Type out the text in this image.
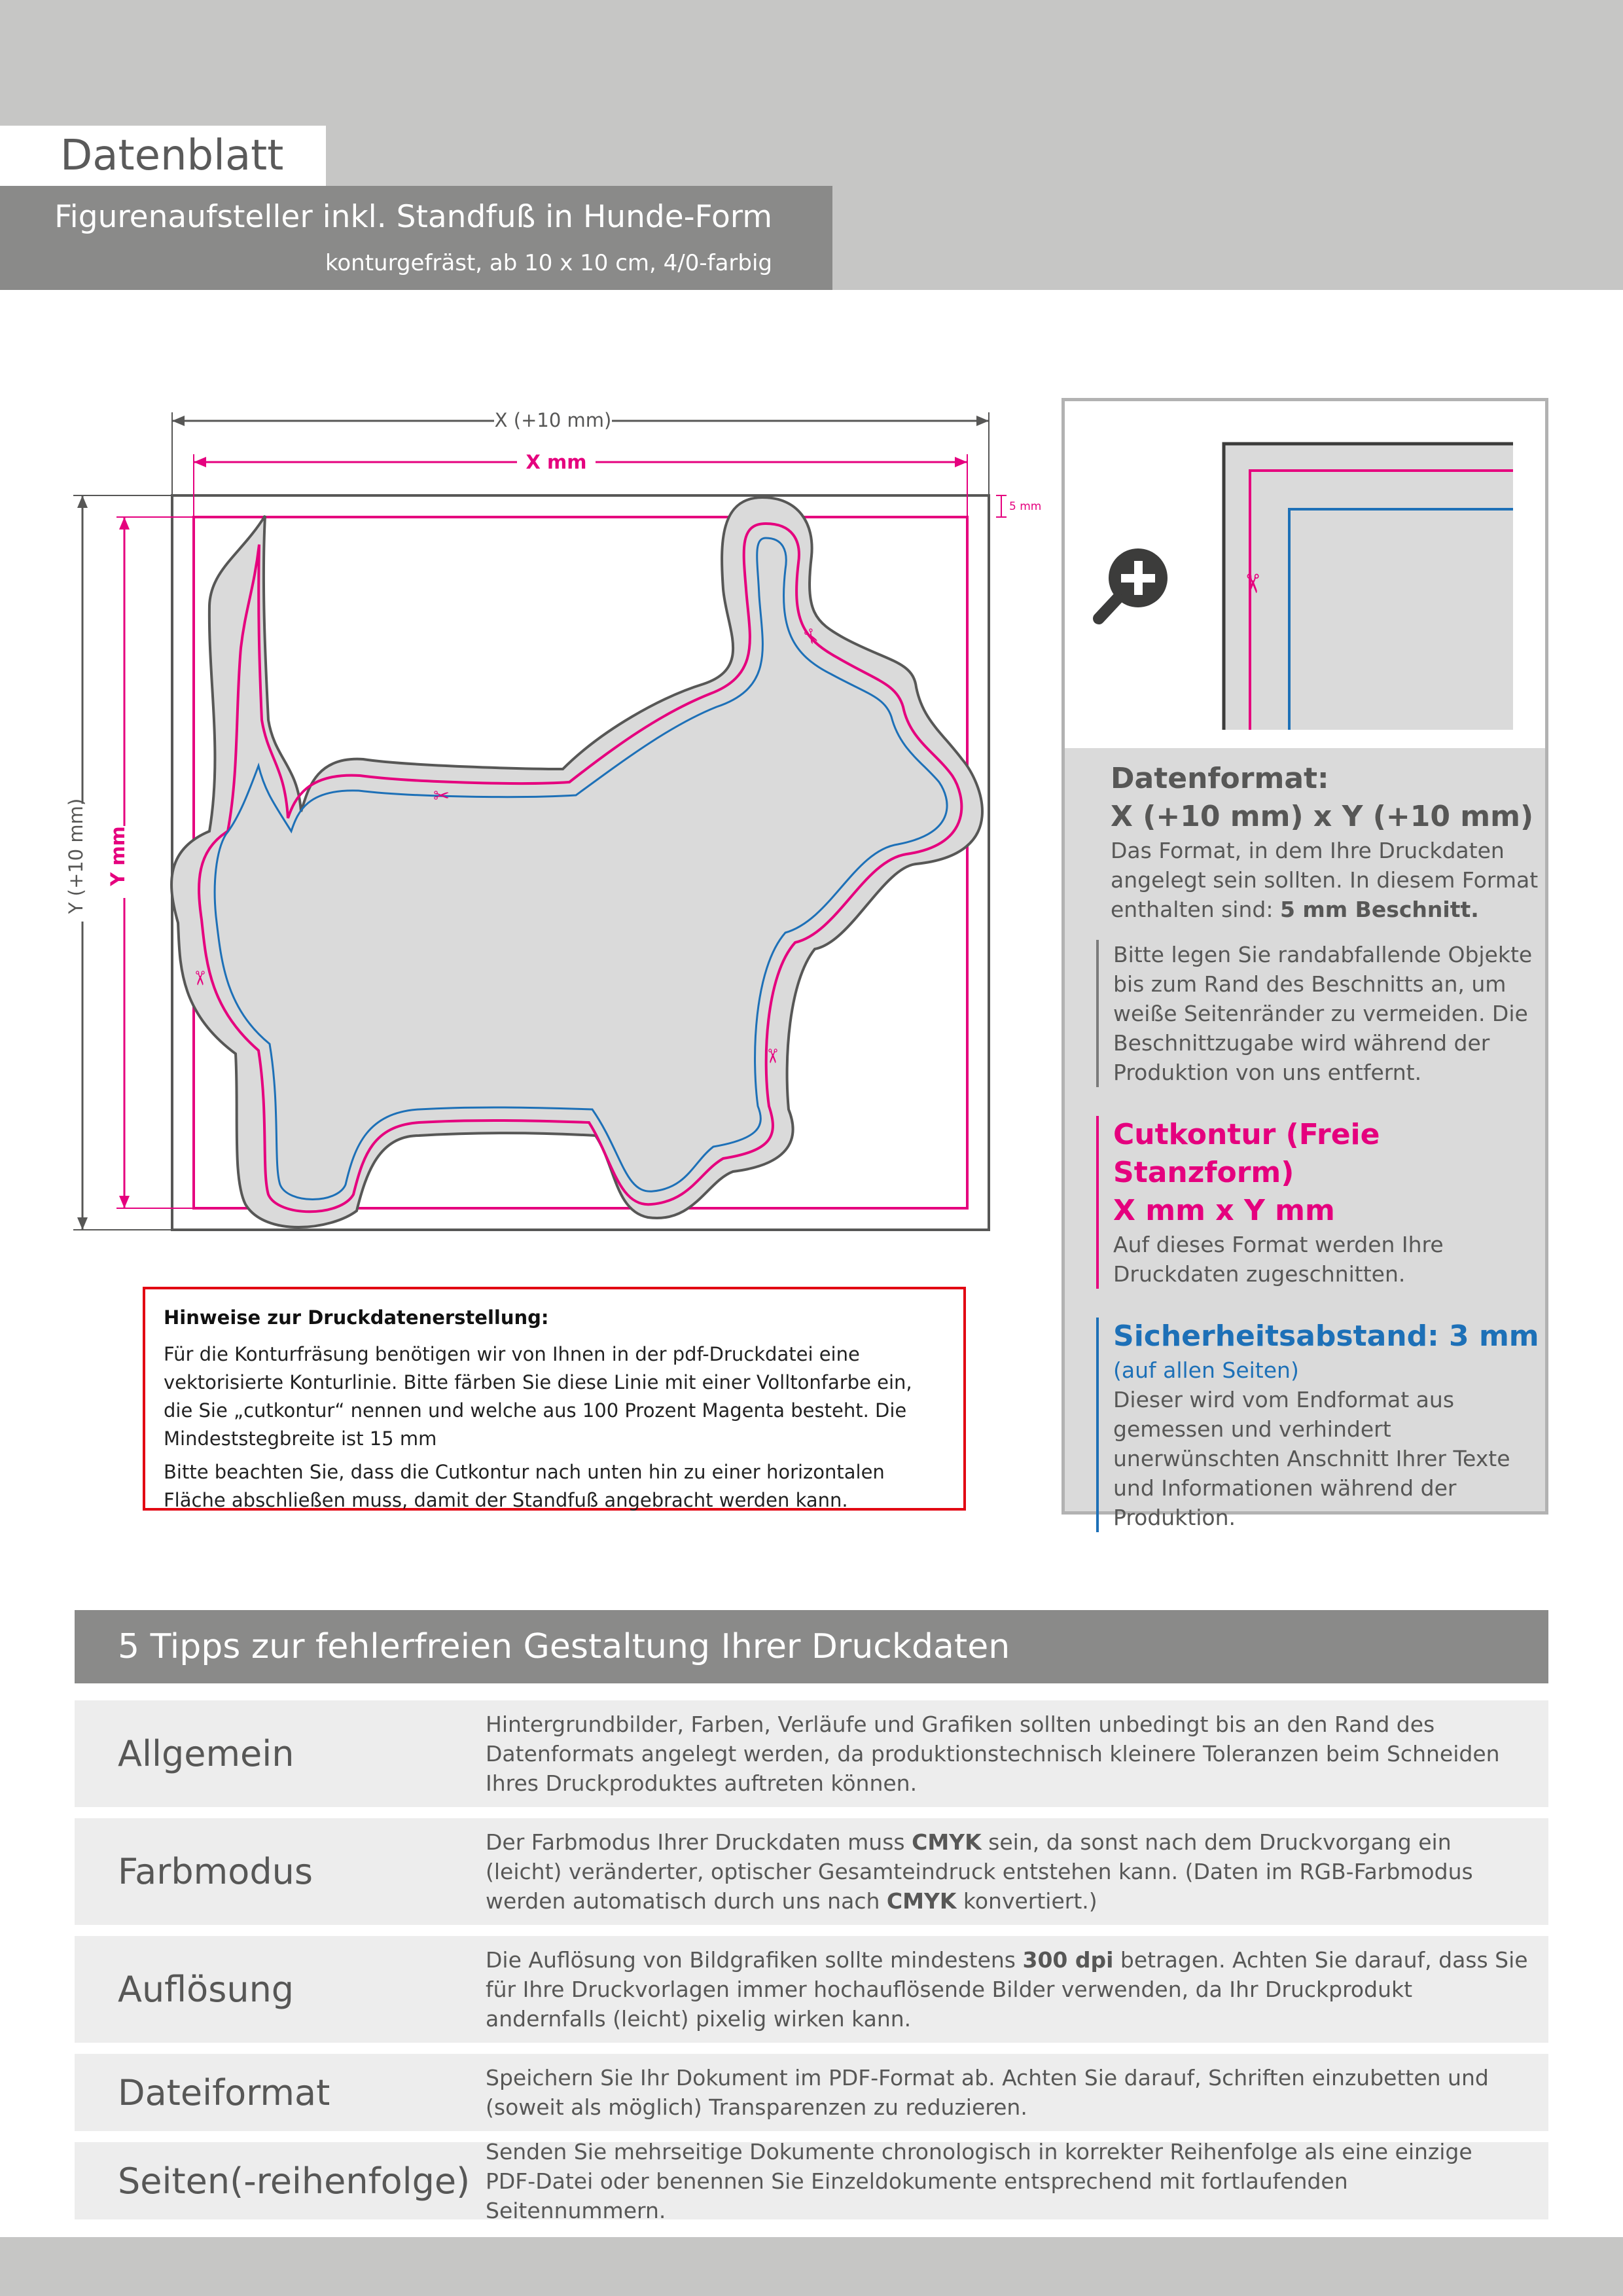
Datenblatt
Figurenaufsteller inkl. Standfuß in Hunde-Form
konturgefräst, ab 10 x 10 cm, 4/0-farbig
✂
✂
✂
✂
X (+10 mm)
X mm
Y (+10 mm) Y mm
5 mm
✂
Datenformat:
X (+10 mm) x Y (+10 mm)
Das Format, in dem Ihre Druckdaten angelegt sein sollten. In diesem Format enthalten sind: 5 mm Beschnitt.
Bitte legen Sie randabfallende Objekte bis zum Rand des Beschnitts an, um weiße Seitenränder zu vermeiden. Die Beschnittzugabe wird während der Produktion von uns entfernt.
Cutkontur (Freie Stanzform)
X mm x Y mm
Auf dieses Format werden Ihre Druckdaten zugeschnitten.
Sicherheitsabstand: 3 mm
(auf allen Seiten)
Dieser wird vom Endformat aus gemessen und verhindert unerwünschten Anschnitt Ihrer Texte und Informationen während der Produktion.
Hinweise zur Druckdatenerstellung:
Für die Konturfräsung benötigen wir von Ihnen in der pdf-Druckdatei eine vektorisierte Konturlinie. Bitte färben Sie diese Linie mit einer Volltonfarbe ein, die Sie „cutkontur“ nennen und welche aus 100 Prozent Magenta besteht. Die Mindeststegbreite ist 15 mm
Bitte beachten Sie, dass die Cutkontur nach unten hin zu einer horizontalen Fläche abschließen muss, damit der Standfuß angebracht werden kann.
5 Tipps zur fehlerfreien Gestaltung Ihrer Druckdaten
Allgemein
Hintergrundbilder, Farben, Verläufe und Grafiken sollten unbedingt bis an den Rand des Datenformats angelegt werden, da produktionstechnisch kleinere Toleranzen beim Schneiden Ihres Druckproduktes auftreten können.
Farbmodus
Der Farbmodus Ihrer Druckdaten muss CMYK sein, da sonst nach dem Druckvorgang ein (leicht) veränderter, optischer Gesamteindruck entstehen kann. (Daten im RGB-Farbmodus werden automatisch durch uns nach CMYK konvertiert.)
Auflösung
Die Auflösung von Bildgrafiken sollte mindestens 300 dpi betragen. Achten Sie darauf, dass Sie für Ihre Druckvorlagen immer hochauflösende Bilder verwenden, da Ihr Druckprodukt andernfalls (leicht) pixelig wirken kann.
Dateiformat	Speichern Sie Ihr Dokument im PDF-Format ab. Achten Sie darauf, Schriften einzubetten und (soweit als möglich) Transparenzen zu reduzieren.
Seiten(-reihenfolge)
Senden Sie mehrseitige Dokumente chronologisch in korrekter Reihenfolge als eine einzige PDF-Datei oder benennen Sie Einzeldokumente entsprechend mit fortlaufenden Seitennummern.
